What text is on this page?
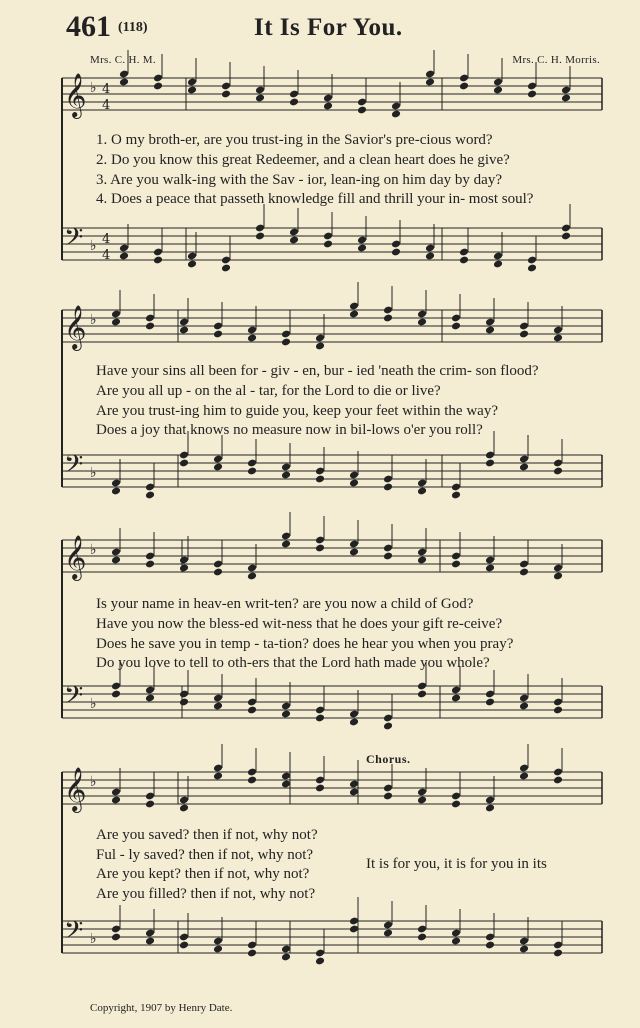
461 (118)	It Is For You.
Mrs. C. H. M.	Mrs. C. H. Morris.
𝄞 ♭ 4
4
𝄢 ♭ 4
4
𝄞 ♭
𝄢 ♭
𝄞 ♭
𝄢 ♭
𝄞 ♭
𝄢 ♭
1. O my broth-er, are you trust-ing in the Savior's pre-cious word?
2. Do you know this great Redeemer, and a clean heart does he give?
3. Are you walk-ing with the Sav - ior, lean-ing on him day by day?
4. Does a peace that passeth knowledge fill and thrill your in- most soul?
Have your sins all been for - giv - en, bur - ied 'neath the crim- son flood?
Are you all up - on the al - tar, for the Lord to die or live?
Are you trust-ing him to guide you, keep your feet within the way?
Does a joy that knows no measure now in bil-lows o'er you roll?
Is your name in heav-en writ-ten? are you now a child of God?
Have you now the bless-ed wit-ness that he does your gift re-ceive?
Does he save you in temp - ta-tion? does he hear you when you pray?
Do you love to tell to oth-ers that the Lord hath made you whole?
Chorus.
Are you saved? then if not, why not?
Ful - ly saved? then if not, why not?
Are you kept? then if not, why not?
Are you filled? then if not, why not?
It is for you, it is for you in its
Copyright, 1907 by Henry Date.
